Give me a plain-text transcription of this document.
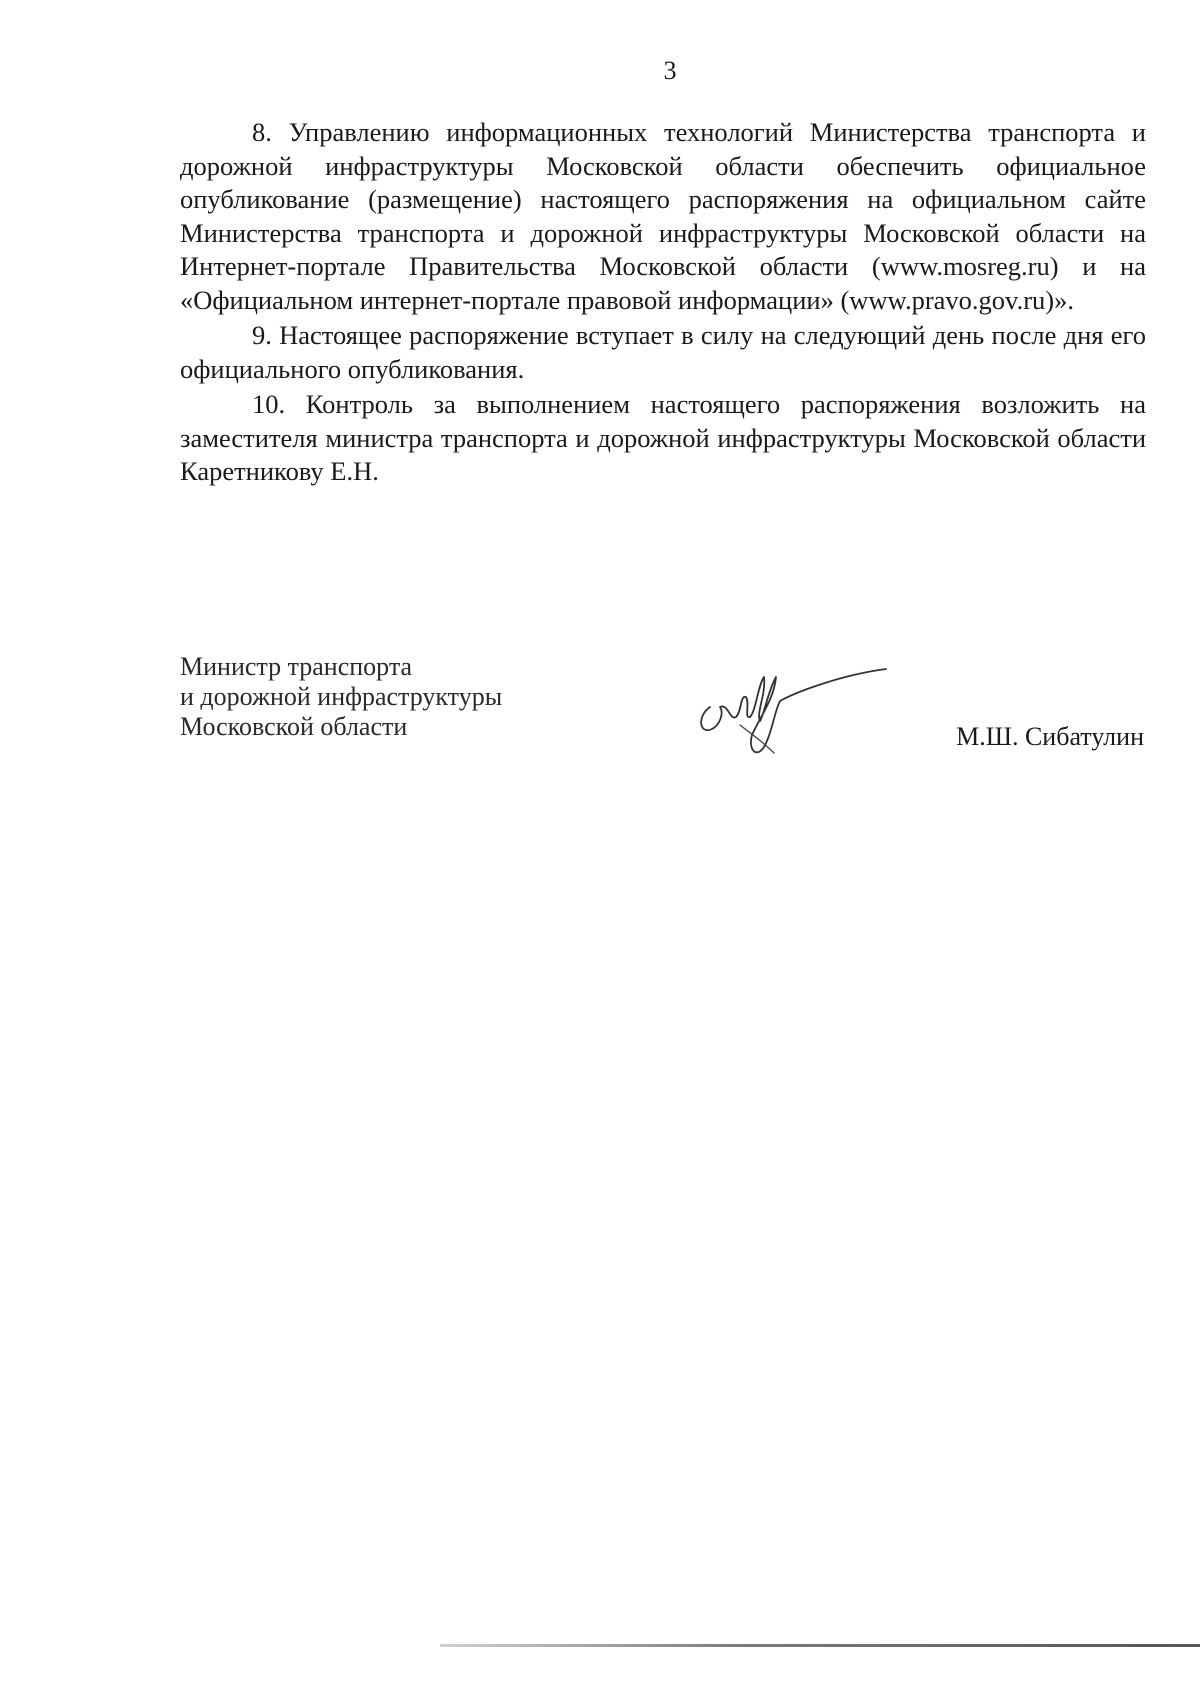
3

8. Управлению информационных технологий Министерства транспорта и дорожной инфраструктуры Московской области обеспечить официальное опубликование (размещение) настоящего распоряжения на официальном сайте Министерства транспорта и дорожной инфраструктуры Московской области на Интернет-портале Правительства Московской области (www.mosreg.ru) и на «Официальном интернет-портале правовой информации» (www.pravo.gov.ru)».

9. Настоящее распоряжение вступает в силу на следующий день после дня его официального опубликования.

10. Контроль за выполнением настоящего распоряжения возложить на заместителя министра транспорта и дорожной инфраструктуры Московской области Каретникову Е.Н.

Министр транспорта
и дорожной инфраструктуры
Московской области	М.Ш. Сибатулин
